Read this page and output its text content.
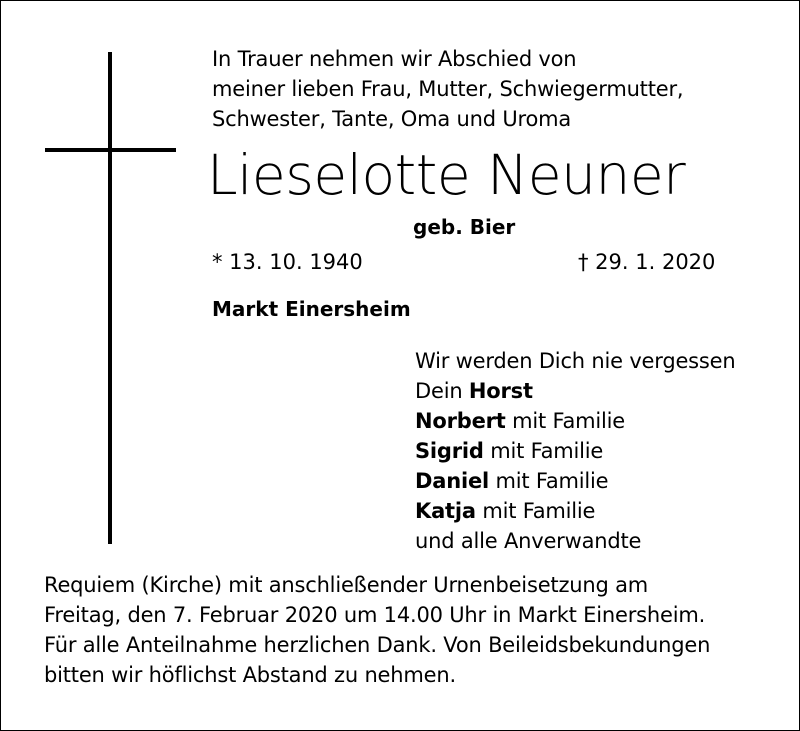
In Trauer nehmen wir Abschied von
meiner lieben Frau, Mutter, Schwiegermutter,
Schwester, Tante, Oma und Uroma
Lieselotte Neuner
geb. Bier
* 13. 10. 1940	† 29. 1. 2020
Markt Einersheim
Wir werden Dich nie vergessen
Dein Horst
Norbert mit Familie
Sigrid mit Familie
Daniel mit Familie
Katja mit Familie
und alle Anverwandte
Requiem (Kirche) mit anschließender Urnenbeisetzung am
Freitag, den 7. Februar 2020 um 14.00 Uhr in Markt Einersheim.
Für alle Anteilnahme herzlichen Dank. Von Beileidsbekundungen
bitten wir höflichst Abstand zu nehmen.
